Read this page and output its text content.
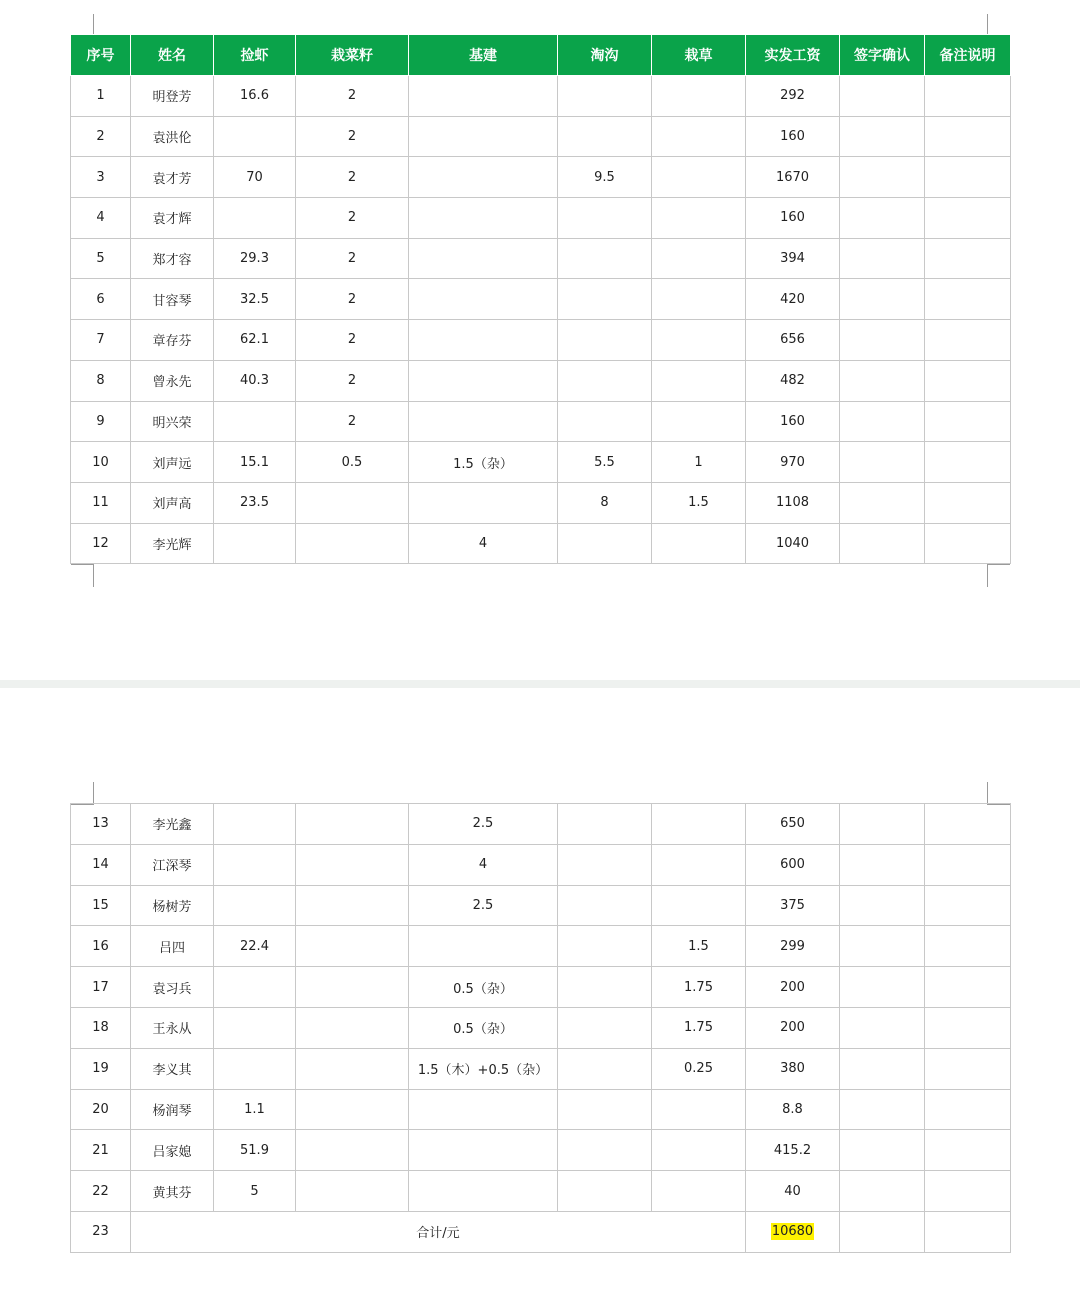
序号	姓名	捡虾	栽菜籽	基建	淘沟	栽草	实发工资	签字确认	备注说明
1	明登芳	16.6	2				292		
2	袁洪伦		2				160		
3	袁才芳	70	2		9.5		1670		
4	袁才辉		2				160		
5	郑才容	29.3	2				394		
6	甘容琴	32.5	2				420		
7	章存芬	62.1	2				656		
8	曾永先	40.3	2				482		
9	明兴荣		2				160		
10	刘声远	15.1	0.5	1.5（杂）	5.5	1	970		
11	刘声高	23.5			8	1.5	1108		
12	李光辉			4			1040		
13	李光鑫			2.5			650		
14	江深琴			4			600		
15	杨树芳			2.5			375		
16	吕四	22.4				1.5	299		
17	袁习兵			0.5（杂）		1.75	200		
18	王永从			0.5（杂）		1.75	200		
19	李义其			1.5（木）+0.5（杂）		0.25	380		
20	杨润琴	1.1					8.8		
21	吕家媳	51.9					415.2		
22	黄其芬	5					40		
23	合计/元						10680		
